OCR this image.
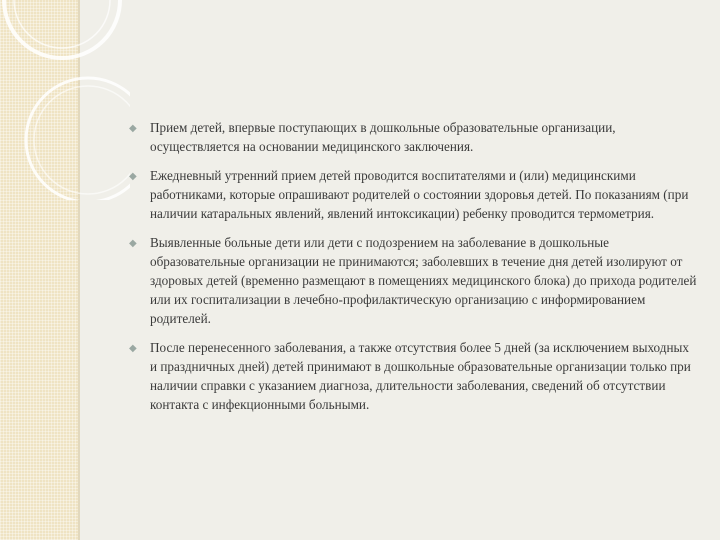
◆ Прием детей, впервые поступающих в дошкольные образовательные организации, осуществляется на основании медицинского заключения.
◆ Ежедневный утренний прием детей проводится воспитателями и (или) медицинскими работниками, которые опрашивают родителей о состоянии здоровья детей. По показаниям (при наличии катаральных явлений, явлений интоксикации) ребенку проводится термометрия.
◆ Выявленные больные дети или дети с подозрением на заболевание в дошкольные образовательные организации не принимаются; заболевших в течение дня детей изолируют от здоровых детей (временно размещают в помещениях медицинского блока) до прихода родителей или их госпитализации в лечебно-профилактическую организацию с информированием родителей.
◆ После перенесенного заболевания, а также отсутствия более 5 дней (за исключением выходных и праздничных дней) детей принимают в дошкольные образовательные организации только при наличии справки с указанием диагноза, длительности заболевания, сведений об отсутствии контакта с инфекционными больными.
